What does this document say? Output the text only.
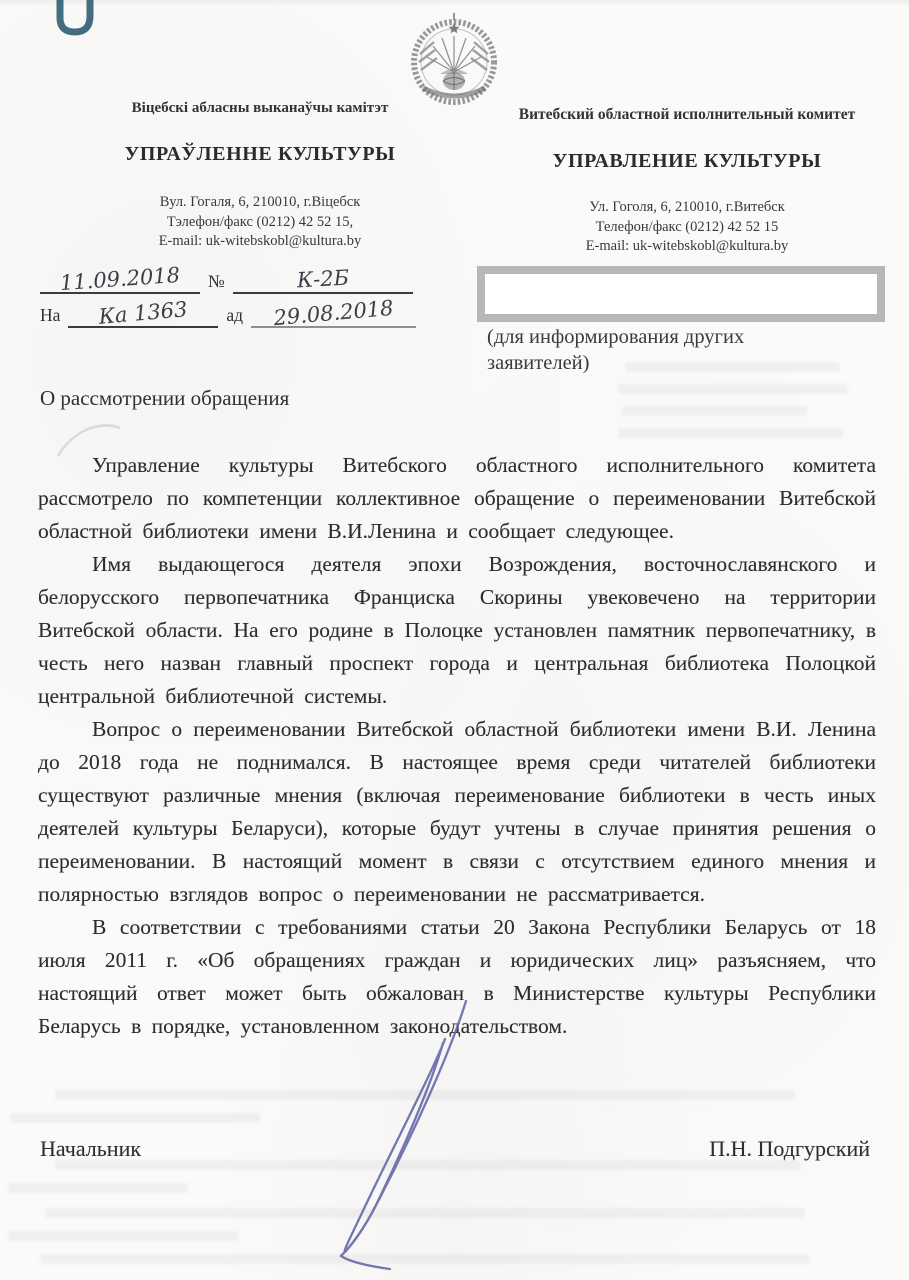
Віцебскі абласны выканаўчы камітэт
УПРАЎЛЕННЕ КУЛЬТУРЫ
Вул. Гогаля, 6, 210010, г.Віцебск
Тэлефон/факс (0212) 42 52 15,
E-mail: uk-witebskobl@kultura.by
Витебский областной исполнительный комитет
УПРАВЛЕНИЕ КУЛЬТУРЫ
Ул. Гоголя, 6, 210010, г.Витебск
Телефон/факс (0212) 42 52 15
E-mail: uk-witebskobl@kultura.by
11.09.2018	№	К-2Б
На	Ка 1363	ад	29.08.2018
(для информирования других
заявителей)
О рассмотрении обращения

Управление культуры Витебского областного исполнительного комитета рассмотрело по компетенции коллективное обращение о переименовании Витебской областной библиотеки имени В.И.Ленина и сообщает следующее.

Имя выдающегося деятеля эпохи Возрождения, восточнославянского и белорусского первопечатника Франциска Скорины увековечено на территории Витебской области. На его родине в Полоцке установлен памятник первопечатнику, в честь него назван главный проспект города и центральная библиотека Полоцкой центральной библиотечной системы.

Вопрос о переименовании Витебской областной библиотеки имени В.И. Ленина до 2018 года не поднимался. В настоящее время среди читателей библиотеки существуют различные мнения (включая переименование библиотеки в честь иных деятелей культуры Беларуси), которые будут учтены в случае принятия решения о переименовании. В настоящий момент в связи с отсутствием единого мнения и полярностью взглядов вопрос о переименовании не рассматривается.

В соответствии с требованиями статьи 20 Закона Республики Беларусь от 18 июля 2011 г. «Об обращениях граждан и юридических лиц» разъясняем, что настоящий ответ может быть обжалован в Министерстве культуры Республики Беларусь в порядке, установленном законодательством.

Начальник	П.Н. Подгурский
